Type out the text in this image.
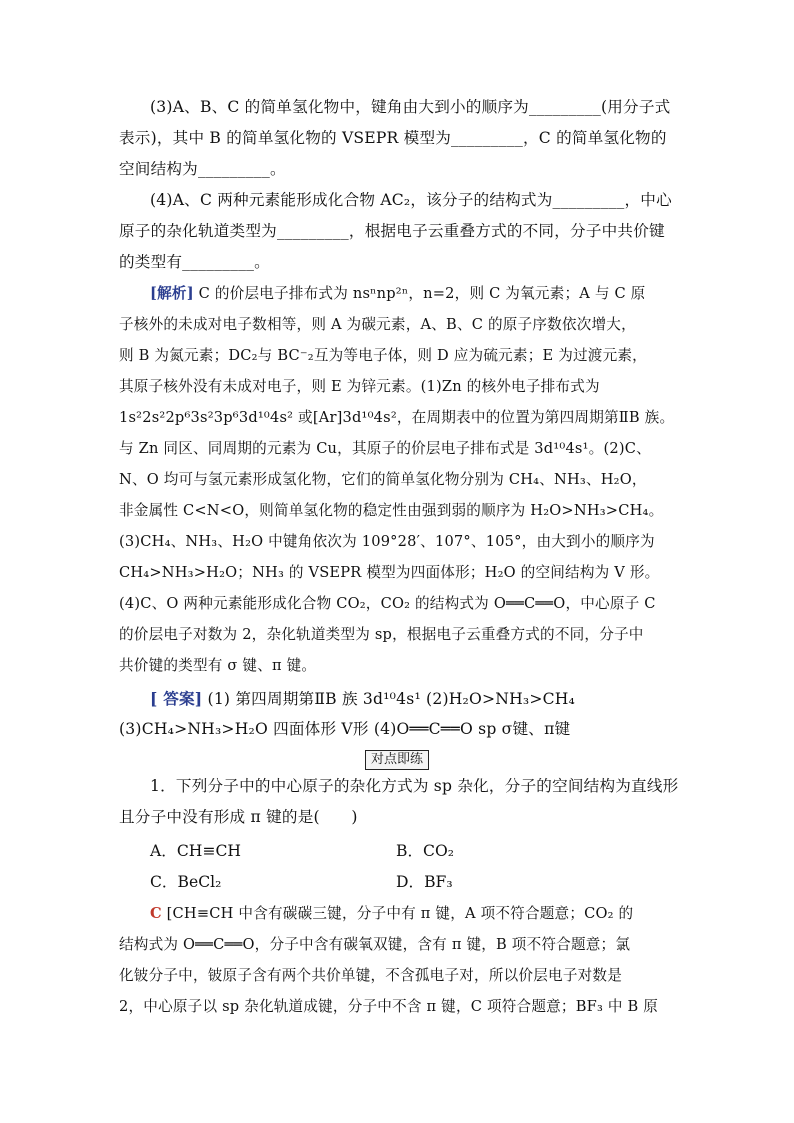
(3)A、B、C 的简单氢化物中，键角由大到小的顺序为_________(用分子式

表示)，其中 B 的简单氢化物的 VSEPR 模型为_________，C 的简单氢化物的

空间结构为_________。

(4)A、C 两种元素能形成化合物 AC₂，该分子的结构式为_________，中心

原子的杂化轨道类型为_________，根据电子云重叠方式的不同，分子中共价键

的类型有_________。

[解析] C 的价层电子排布式为 nsⁿnp²ⁿ，n=2，则 C 为氧元素；A 与 C 原

子核外的未成对电子数相等，则 A 为碳元素，A、B、C 的原子序数依次增大，

则 B 为氮元素；DC₂与 BC⁻₂互为等电子体，则 D 应为硫元素；E 为过渡元素，

其原子核外没有未成对电子，则 E 为锌元素。(1)Zn 的核外电子排布式为

1s²2s²2p⁶3s²3p⁶3d¹⁰4s² 或[Ar]3d¹⁰4s²，在周期表中的位置为第四周期第ⅡB 族。

与 Zn 同区、同周期的元素为 Cu，其原子的价层电子排布式是 3d¹⁰4s¹。(2)C、

N、O 均可与氢元素形成氢化物，它们的简单氢化物分别为 CH₄、NH₃、H₂O，

非金属性 C<N<O，则简单氢化物的稳定性由强到弱的顺序为 H₂O>NH₃>CH₄。

(3)CH₄、NH₃、H₂O 中键角依次为 109°28′、107°、105°，由大到小的顺序为

CH₄>NH₃>H₂O；NH₃ 的 VSEPR 模型为四面体形；H₂O 的空间结构为 V 形。

(4)C、O 两种元素能形成化合物 CO₂，CO₂ 的结构式为 O══C══O，中心原子 C

的价层电子对数为 2，杂化轨道类型为 sp，根据电子云重叠方式的不同，分子中

共价键的类型有 σ 键、π 键。

[ 答案] (1) 第四周期第ⅡB 族 3d¹⁰4s¹ (2)H₂O>NH₃>CH₄

(3)CH₄>NH₃>H₂O 四面体形 V形 (4)O══C══O sp σ键、π键

对点即练

1．下列分子中的中心原子的杂化方式为 sp 杂化，分子的空间结构为直线形

且分子中没有形成 π 键的是(　　)

A．CH≡CH	B．CO₂
C．BeCl₂	D．BF₃

C [CH≡CH 中含有碳碳三键，分子中有 π 键，A 项不符合题意；CO₂ 的

结构式为 O══C══O，分子中含有碳氧双键，含有 π 键，B 项不符合题意；氯

化铍分子中，铍原子含有两个共价单键，不含孤电子对，所以价层电子对数是

2，中心原子以 sp 杂化轨道成键，分子中不含 π 键，C 项符合题意；BF₃ 中 B 原
